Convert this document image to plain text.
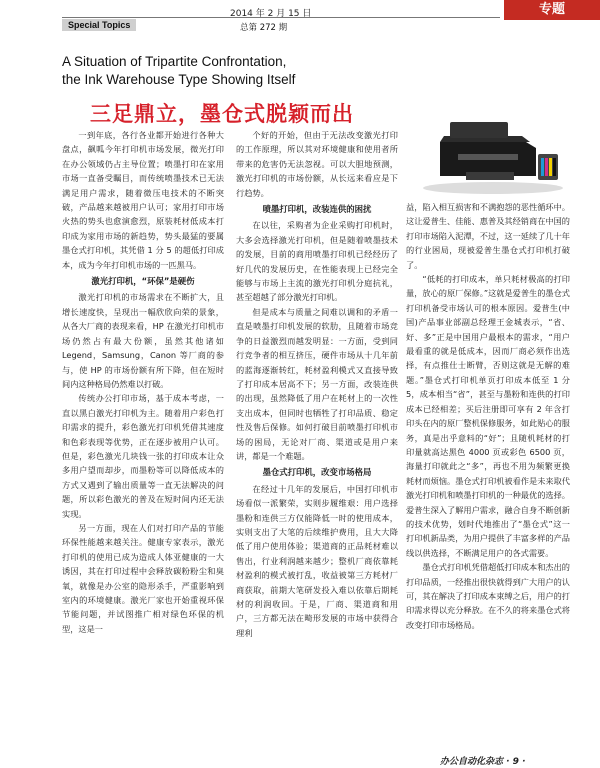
2014 年 2 月 15 日
Special Topics	总第 272 期
专题
A Situation of Tripartite Confrontation,
the Ink Warehouse Type Showing Itself
三足鼎立，墨仓式脱颖而出

一到年底，各行各业都开始进行各种大盘点，飙呱今年打印机市场发展，微光打印在办公领域仍占主导位置；喷墨打印在家用市场一直备受瞩目，而传统喷墨技术已无法满足用户需求，随着微压电技术的不断突破，产品越来越被用户认可；家用打印市场火热的势头也愈演愈烈，原装耗材低成本打印成为家用市场的新趋势，势头最猛的要属墨仓式打印机，其凭借 1 分 5 的超低打印成本，成为今年打印机市场的一匹黑马。

激光打印机，“环保”是硬伤

激光打印机的市场需求在不断扩大，且增长速度快，呈现出一幅欣欣向荣的景象，从各大厂商的表现来看，HP 在激光打印机市场仍然占有最大份额，虽然其他诸如 Legend，Samsung，Canon 等厂商的参与，使 HP 的市场份额有所下降，但在短时间内这种格局仍然难以打破。

传统办公打印市场，基于成本考虑，一直以黑白激光打印机为主。随着用户彩色打印需求的提升，彩色激光打印机凭借其速度和色彩表现等优势，正在逐步被用户认可。但是，彩色激光几块钱一张的打印成本让众多用户望而却步，而墨粉等可以降低成本的方式又遇到了输出质量等一直无法解决的问题，所以彩色激光的普及在短时间内还无法实现。

另一方面，现在人们对打印产品的节能环保性能越来越关注。健康专家表示，激光打印机的使用已成为造成人体亚健康的一大诱因，其在打印过程中会释放碳粉粉尘和臭氧，就像是办公室的隐形杀手，严重影响到室内的环境健康。激光厂家也开始重视环保节能问题，并试图推广相对绿色环保的机型，这是一

个好的开始，但由于无法改变激光打印的工作原理，所以其对环境健康和使用者所带来的危害仍无法忽视。可以大胆地预测，激光打印机的市场份额，从长远来看应是下行趋势。

喷墨打印机，改装连供的困扰

在以往，采购者为企业采购打印机时，大多会选择激光打印机，但是随着喷墨技术的发展，目前的商用喷墨打印机已经经历了好几代的发展历史，在性能表现上已经完全能够与市场上主流的激光打印机分庭抗礼，甚至超越了部分激光打印机。

但是成本与质量之间难以调和的矛盾一直是喷墨打印机发展的软肋，且随着市场竞争的日益激烈而越发明显：一方面，受到同行竞争者的相互挤压，硬件市场从十几年前的蓝海逐渐转红，耗材盈利模式又直接导致了打印成本居高不下；另一方面，改装连供的出现，虽然降低了用户在耗材上的一次性支出成本，但同时也牺牲了打印品质、稳定性及售后保修。如何打破目前喷墨打印机市场的困局，无论对厂商、渠道或是用户来讲，都是一个难题。

墨仓式打印机，改变市场格局

在经过十几年的发展后，中国打印机市场看似一派繁荣，实则步履维艰：用户选择墨粉和连供三方仅能降低一时的使用成本，实则支出了大笔的后续维护费用，且大大降低了用户使用体验；渠道商的正品耗材难以售出，行业利润越来越少；整机厂商依靠耗材盈利的模式被打乱，收益被第三方耗材厂商获取，前期大笔研发投入难以依靠后期耗材的利润收回。于是，厂商、渠道商和用户，三方都无法在畸形发展的市场中获得合理利

益，陷入相互损害和不满抱怨的恶性循环中。这让爱普生、佳能、惠普及其经销商在中国的打印市场陷入泥潭，不过，这一延续了几十年的行业困局，现被爱普生墨仓式打印机打破了。

“低耗的打印成本，单只耗材极高的打印量，放心的原厂保修。”这就是爱普生的墨仓式打印机备受市场认可的根本原因。爱普生(中国)产品事业部副总经理王金城表示，“省、好、多”正是中国用户最根本的需求，“用户最看重的就是低成本，因而厂商必须作出选择，有点推仕士断臂，否则这就是无解的难题。”墨仓式打印机单页打印成本低至 1 分 5，成本相当“省”，甚至与墨粉和连供的打印成本已经相差；买后注册即可享有 2 年含打印头在内的原厂整机保修服务，如此贴心的服务，真是出乎意料的“好”；且随机耗材的打印量就高达黑色 4000 页或彩色 6500 页，海量打印就此之“多”，再也不用为频繁更换耗材而烦恼。墨仓式打印机被看作是未来取代激光打印机和喷墨打印机的一种最优的选择。爱普生深入了解用户需求，融合自身不断创新的技术优势，划时代地推出了“墨仓式”这一打印机新品类，为用户提供了丰富多样的产品线以供选择，不断满足用户的各式需要。

墨仓式打印机凭借超低打印成本和杰出的打印品质，一经推出很快就得到广大用户的认可，其在解决了打印成本束缚之后，用户的打印需求得以充分释放。在不久的将来墨仓式将改变打印市场格局。

办公自动化杂志 · 9 ·
